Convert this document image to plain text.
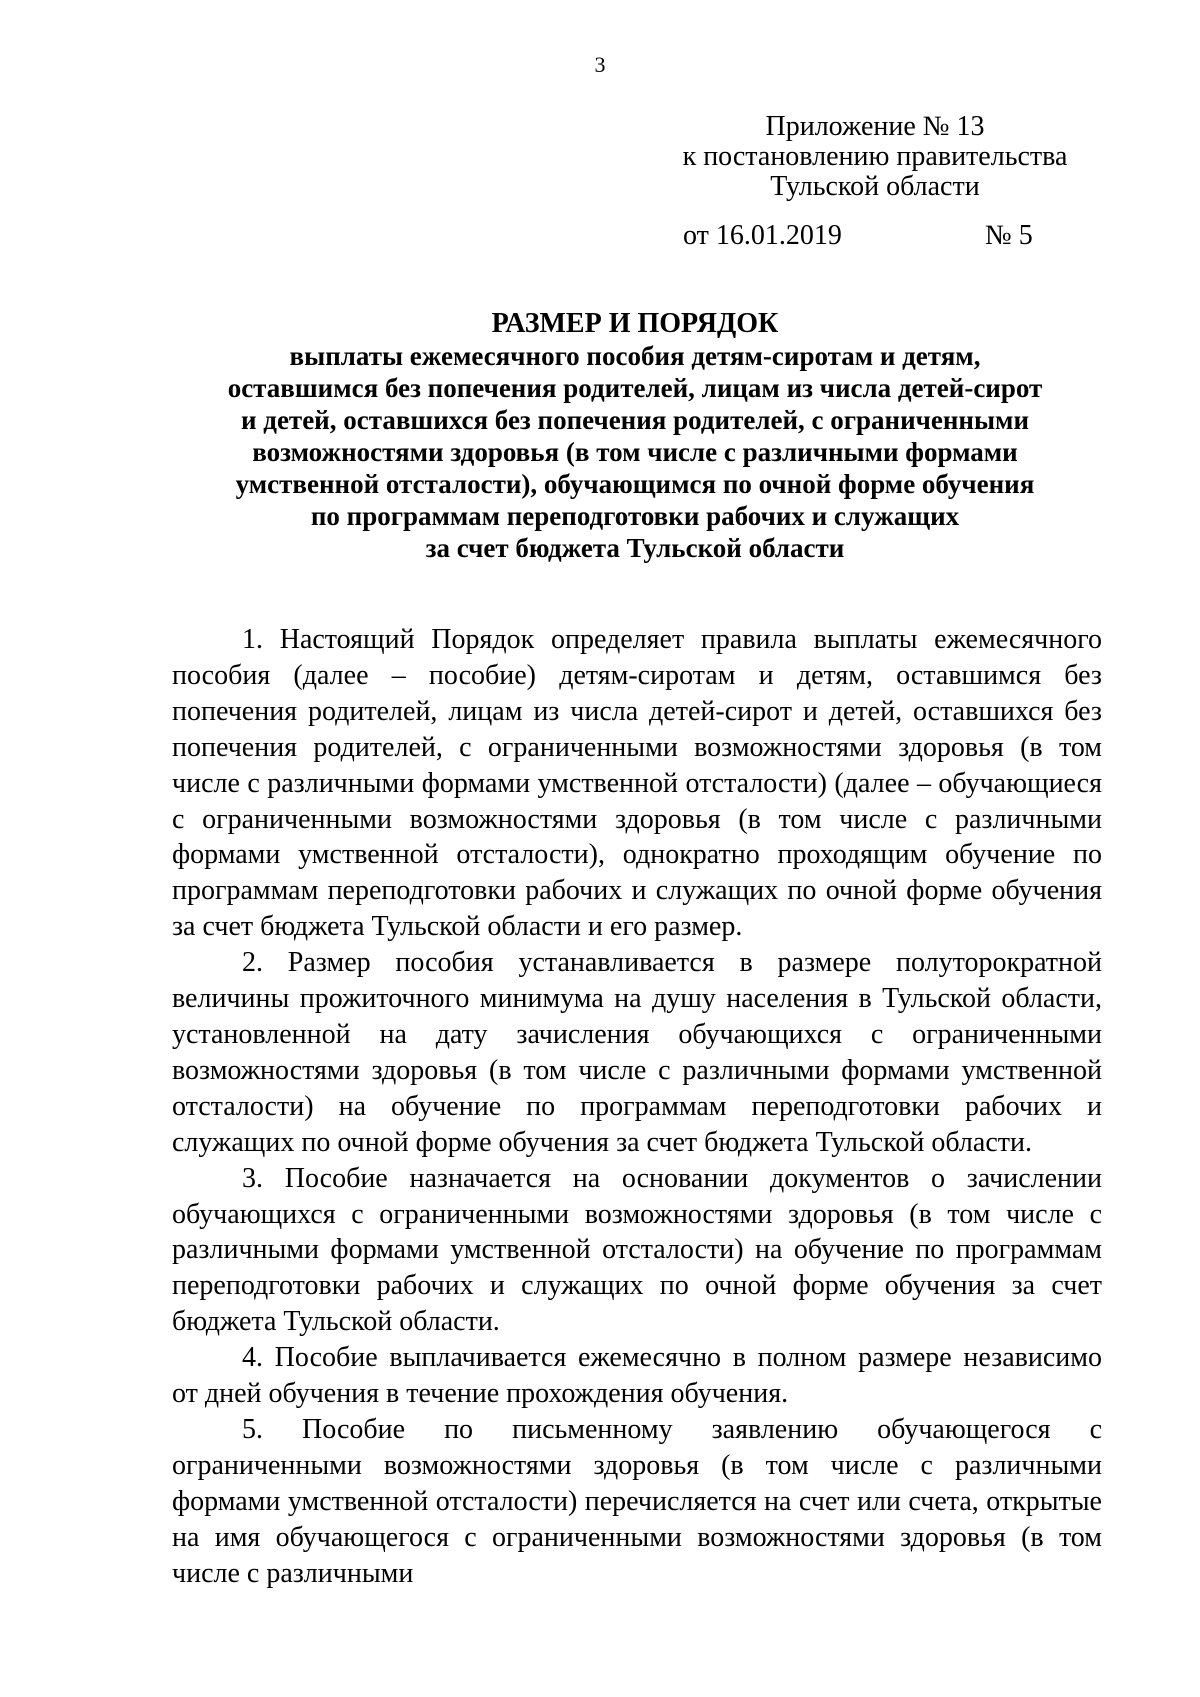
3
Приложение № 13
к постановлению правительства
Тульской области
от 16.01.2019	№ 5
РАЗМЕР И ПОРЯДОК
выплаты ежемесячного пособия детям-сиротам и детям,
оставшимся без попечения родителей, лицам из числа детей-сирот
и детей, оставшихся без попечения родителей, с ограниченными
возможностями здоровья (в том числе с различными формами
умственной отсталости), обучающимся по очной форме обучения
по программам переподготовки рабочих и служащих
за счет бюджета Тульской области

1. Настоящий Порядок определяет правила выплаты ежемесячного пособия (далее – пособие) детям-сиротам и детям, оставшимся без попечения родителей, лицам из числа детей-сирот и детей, оставшихся без попечения родителей, с ограниченными возможностями здоровья (в том числе с различными формами умственной отсталости) (далее – обучающиеся с ограниченными возможностями здоровья (в том числе с различными формами умственной отсталости), однократно проходящим обучение по программам переподготовки рабочих и служащих по очной форме обучения за счет бюджета Тульской области и его размер.

2. Размер пособия устанавливается в размере полуторократной величины прожиточного минимума на душу населения в Тульской области, установленной на дату зачисления обучающихся с ограниченными возможностями здоровья (в том числе с различными формами умственной отсталости) на обучение по программам переподготовки рабочих и служащих по очной форме обучения за счет бюджета Тульской области.

3. Пособие назначается на основании документов о зачислении обучающихся с ограниченными возможностями здоровья (в том числе с различными формами умственной отсталости) на обучение по программам переподготовки рабочих и служащих по очной форме обучения за счет бюджета Тульской области.

4. Пособие выплачивается ежемесячно в полном размере независимо от дней обучения в течение прохождения обучения.

5. Пособие по письменному заявлению обучающегося с ограниченными возможностями здоровья (в том числе с различными формами умственной отсталости) перечисляется на счет или счета, открытые на имя обучающегося с ограниченными возможностями здоровья (в том числе с различными
